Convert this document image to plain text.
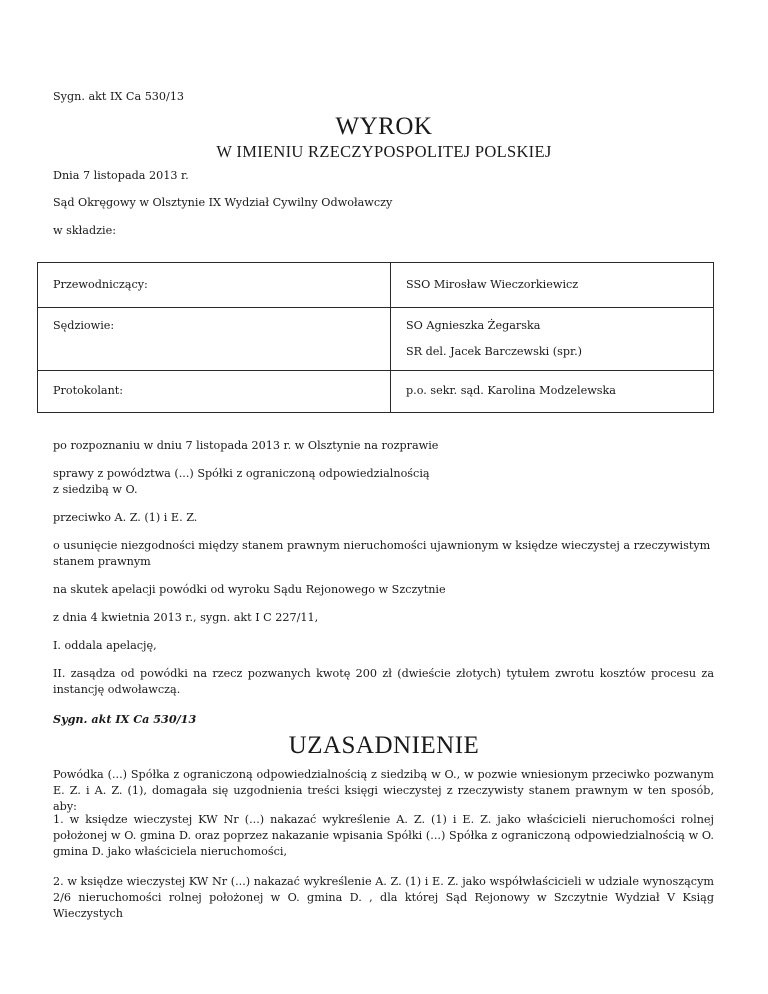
Sygn. akt IX Ca 530/13

WYROK
W IMIENIU RZECZYPOSPOLITEJ POLSKIEJ

Dnia 7 listopada 2013 r.

Sąd Okręgowy w Olsztynie IX Wydział Cywilny Odwoławczy

w składzie:

Przewodniczący:	SSO Mirosław Wieczorkiewicz
Sędziowie:	SO Agnieszka Żegarska

SR del. Jacek Barczewski (spr.)

Protokolant:	p.o. sekr. sąd. Karolina Modzelewska

po rozpoznaniu w dniu 7 listopada 2013 r. w Olsztynie na rozprawie

sprawy z powództwa (...) Spółki z ograniczoną odpowiedzialnością

z siedzibą w O.

przeciwko A. Z. (1) i E. Z.

o usunięcie niezgodności między stanem prawnym nieruchomości ujawnionym w księdze wieczystej a rzeczywistym stanem prawnym

na skutek apelacji powódki od wyroku Sądu Rejonowego w Szczytnie

z dnia 4 kwietnia 2013 r., sygn. akt I C 227/11,

I. oddala apelację,

II. zasądza od powódki na rzecz pozwanych kwotę 200 zł (dwieście złotych) tytułem zwrotu kosztów procesu za instancję odwoławczą.

Sygn. akt IX Ca 530/13

UZASADNIENIE

Powódka (...) Spółka z ograniczoną odpowiedzialnością z siedzibą w O., w pozwie wniesionym przeciwko pozwanym E. Z. i A. Z. (1), domagała się uzgodnienia treści księgi wieczystej z rzeczywisty stanem prawnym w ten sposób, aby:

1. w księdze wieczystej KW Nr (...) nakazać wykreślenie A. Z. (1) i E. Z. jako właścicieli nieruchomości rolnej położonej w O. gmina D. oraz poprzez nakazanie wpisania Spółki (...) Spółka z ograniczoną odpowiedzialnością w O. gmina D. jako właściciela nieruchomości,

2. w księdze wieczystej KW Nr (...) nakazać wykreślenie A. Z. (1) i E. Z. jako współwłaścicieli w udziale wynoszącym 2/6 nieruchomości rolnej położonej w O. gmina D. , dla której Sąd Rejonowy w Szczytnie Wydział V Ksiąg Wieczystych
